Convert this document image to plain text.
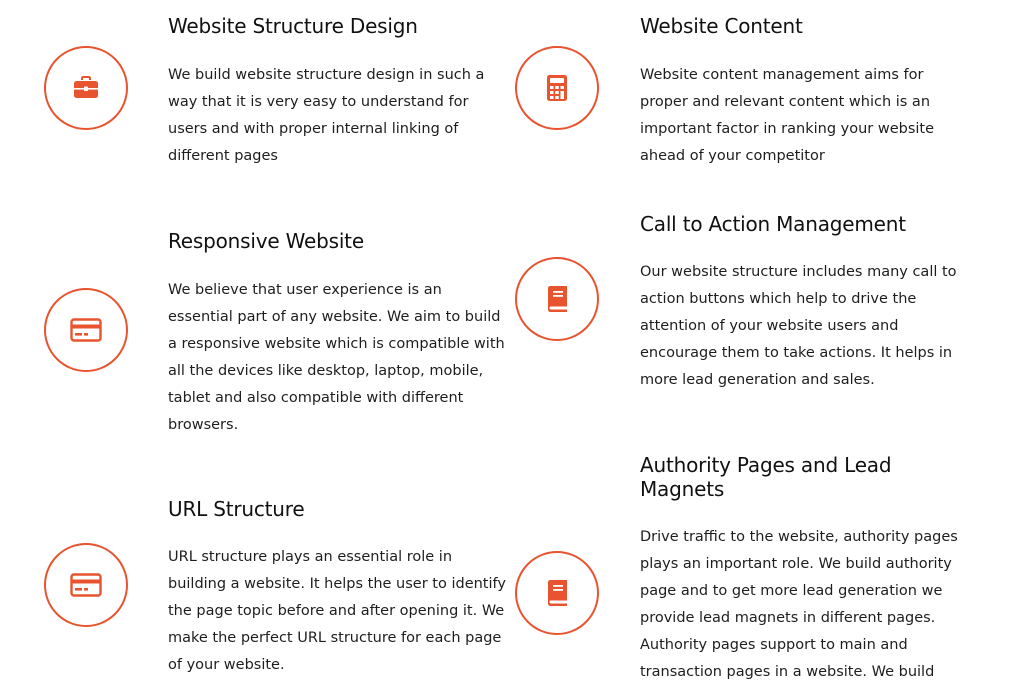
Website Structure Design

We build website structure design in such a way that it is very easy to understand for users and with proper internal linking of different pages

Website Content

Website content management aims for proper and relevant content which is an important factor in ranking your website ahead of your competitor

Responsive Website

We believe that user experience is an essential part of any website. We aim to build a responsive website which is compatible with all the devices like desktop, laptop, mobile, tablet and also compatible with different browsers.

Call to Action Management

Our website structure includes many call to action buttons which help to drive the attention of your website users and encourage them to take actions. It helps in more lead generation and sales.

URL Structure

URL structure plays an essential role in building a website. It helps the user to identify the page topic before and after opening it. We make the perfect URL structure for each page of your website.

Authority Pages and Lead Magnets

Drive traffic to the website, authority pages plays an important role. We build authority page and to get more lead generation we provide lead magnets in different pages. Authority pages support to main and transaction pages in a website. We build
